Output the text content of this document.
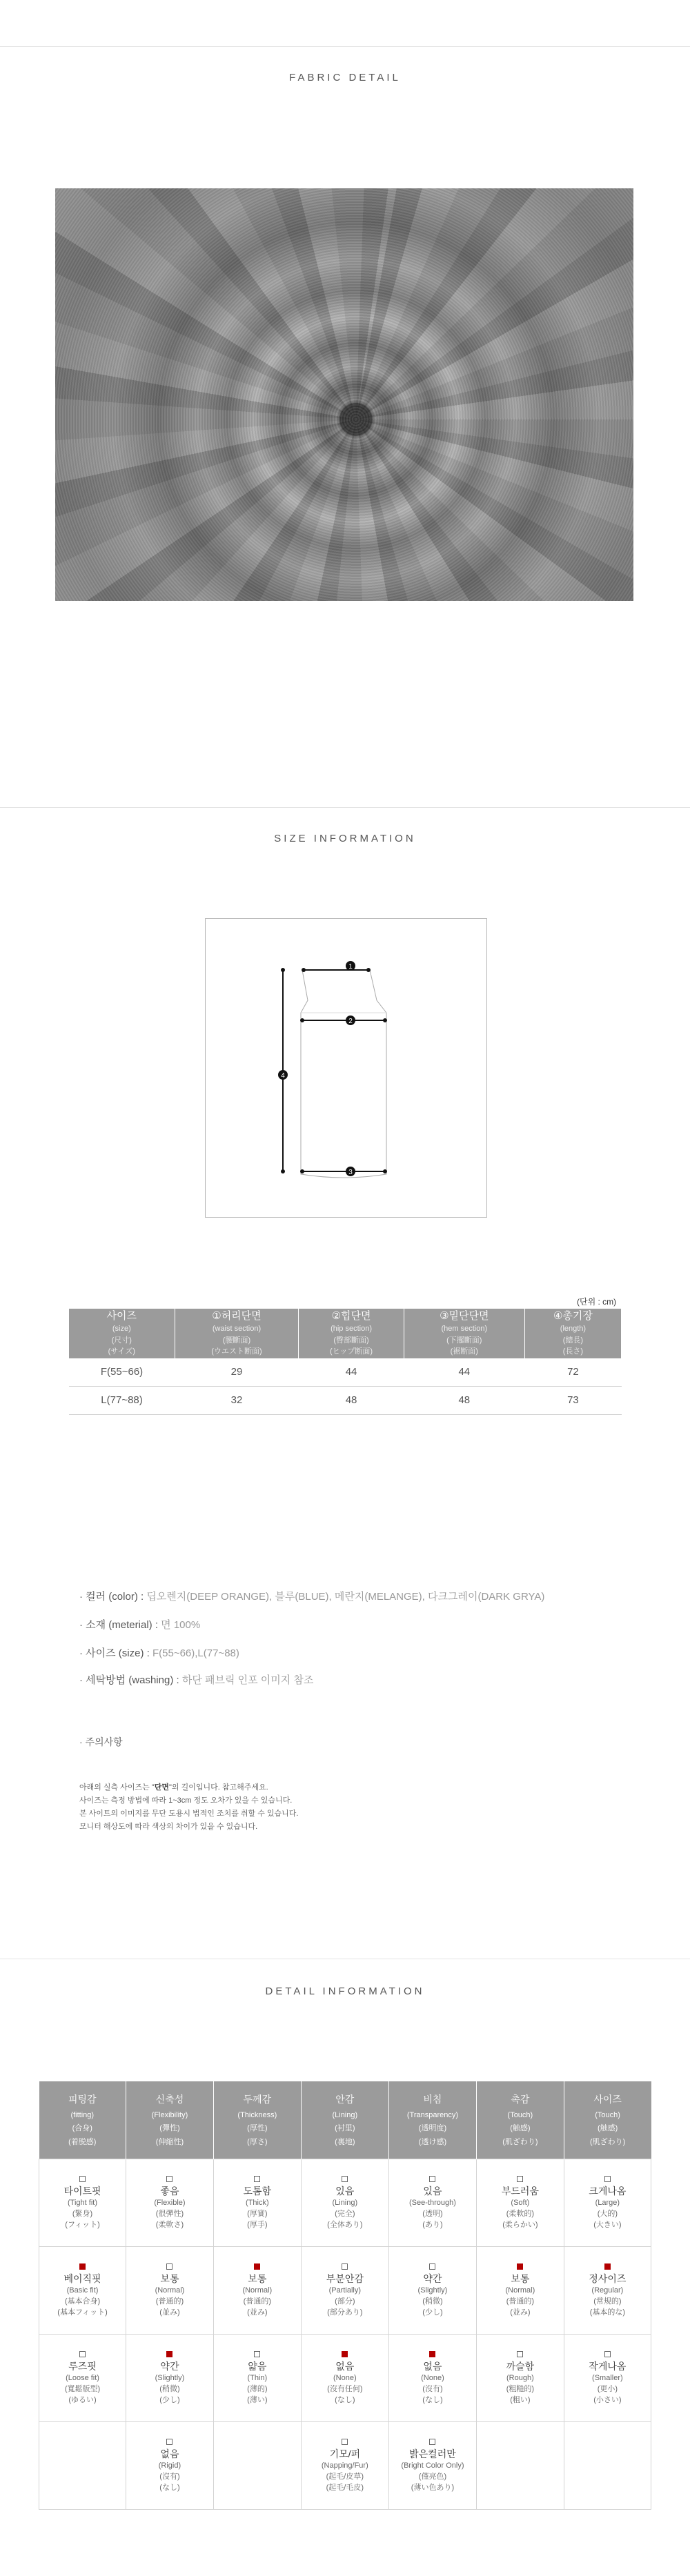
FABRIC DETAIL
SIZE INFORMATION
1
2
3
4
(단위 : cm)
사이즈
(size)
(尺寸)
(サイズ)	①허리단면
(waist section)
(腰斷面)
(ウエスト断面)	②힙단면
(hip section)
(臀部斷面)
(ヒップ断面)	③밑단단면
(hem section)
(下擺斷面)
(裾断面)	④총기장
(length)
(總長)
(長さ)

F(55~66)	29	44	44	72
L(77~88)	32	48	48	73
· 컬러 (color) : 딥오렌지(DEEP ORANGE), 블루(BLUE), 메란지(MELANGE), 다크그레이(DARK GRYA)
· 소재 (meterial) : 면 100%
· 사이즈 (size) : F(55~66),L(77~88)
· 세탁방법 (washing) : 하단 패브릭 인포 이미지 참조
· 주의사항
아래의 실측 사이즈는 "단면"의 길이입니다. 참고해주세요.
사이즈는 측정 방법에 따라 1~3cm 정도 오차가 있을 수 있습니다.
본 사이트의 이미지를 무단 도용시 법적인 조치를 취할 수 있습니다.
모니터 해상도에 따라 색상의 차이가 있을 수 있습니다.
DETAIL INFORMATION
피팅감
(fitting)
(合身)
(着脱感)	신축성
(Flexibility)
(彈性)
(伸縮性)	두께감
(Thickness)
(厚性)
(厚さ)	안감
(Lining)
(衬里)
(裏地)	비침
(Transparency)
(透明度)
(透け感)	촉감
(Touch)
(触感)
(肌ざわり)	사이즈
(Touch)
(触感)
(肌ざわり)

타이트핏
(Tight fit)
(緊身)
(フィット)	좋음
(Flexible)
(很彈性)
(柔軟さ)	도톰함
(Thick)
(厚實)
(厚手)	있음
(Lining)
(完全)
(全体あり)	있음
(See-through)
(透明)
(あり)	부드러움
(Soft)
(柔軟的)
(柔らかい)	크게나옴
(Large)
(大的)
(大きい)

베이직핏
(Basic fit)
(基本合身)
(基本フィット)	보통
(Normal)
(普通的)
(並み)	보통
(Normal)
(普通的)
(並み)	부분안감
(Partially)
(部分)
(部分あり)	약간
(Slightly)
(稍微)
(少し)	보통
(Normal)
(普通的)
(並み)	정사이즈
(Regular)
(常規的)
(基本的な)

루즈핏
(Loose fit)
(寬鬆版型)
(ゆるい)	약간
(Slightly)
(稍微)
(少し)	얇음
(Thin)
(薄的)
(薄い)	없음
(None)
(沒有任何)
(なし)	없음
(None)
(沒有)
(なし)	까슬함
(Rough)
(粗糙的)
(粗い)	작게나옴
(Smaller)
(更小)
(小さい)

	없음
(Rigid)
(沒有)
(なし)		기모/퍼
(Napping/Fur)
(起毛/皮草)
(起毛/毛皮)	밝은컬러만
(Bright Color Only)
(僅亮色)
(薄い色あり)		
